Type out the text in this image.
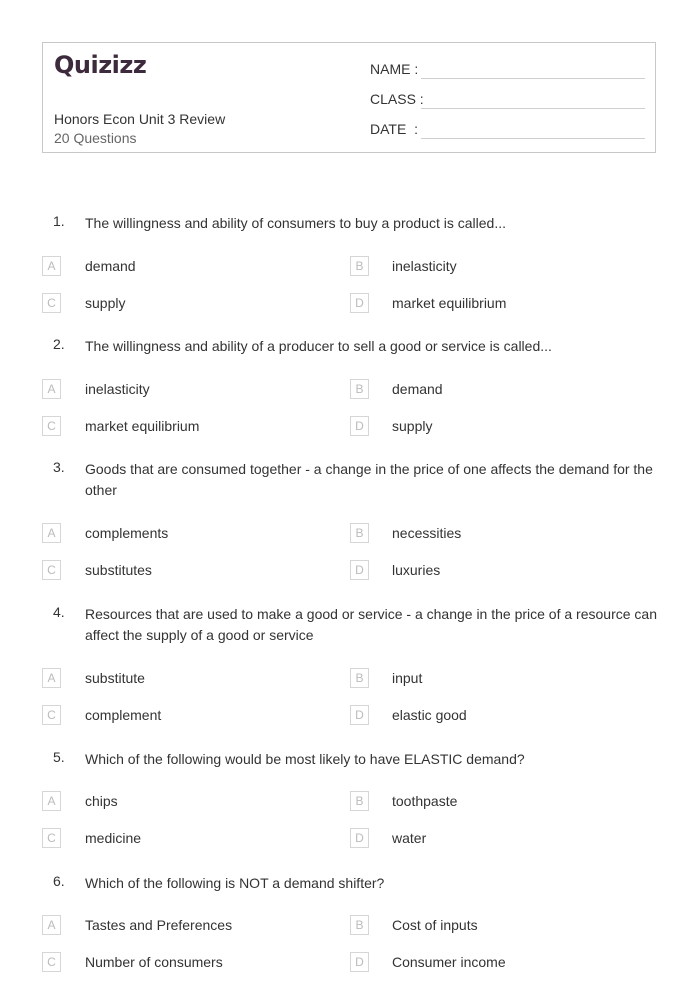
Quizizz
Honors Econ Unit 3 Review
20 Questions
NAME :
CLASS :
DATE  :
1. The willingness and ability of consumers to buy a product is called...
A	demand	B	inelasticity
C	supply	D	market equilibrium
2. The willingness and ability of a producer to sell a good or service is called...
A	inelasticity	B	demand
C	market equilibrium	D	supply
3. Goods that are consumed together - a change in the price of one affects the demand for the other
A	complements	B	necessities
C	substitutes	D	luxuries
4. Resources that are used to make a good or service - a change in the price of a resource can affect the supply of a good or service
A	substitute	B	input
C	complement	D	elastic good
5. Which of the following would be most likely to have ELASTIC demand?
A	chips	B	toothpaste
C	medicine	D	water
6. Which of the following is NOT a demand shifter?
A	Tastes and Preferences	B	Cost of inputs
C	Number of consumers	D	Consumer income
